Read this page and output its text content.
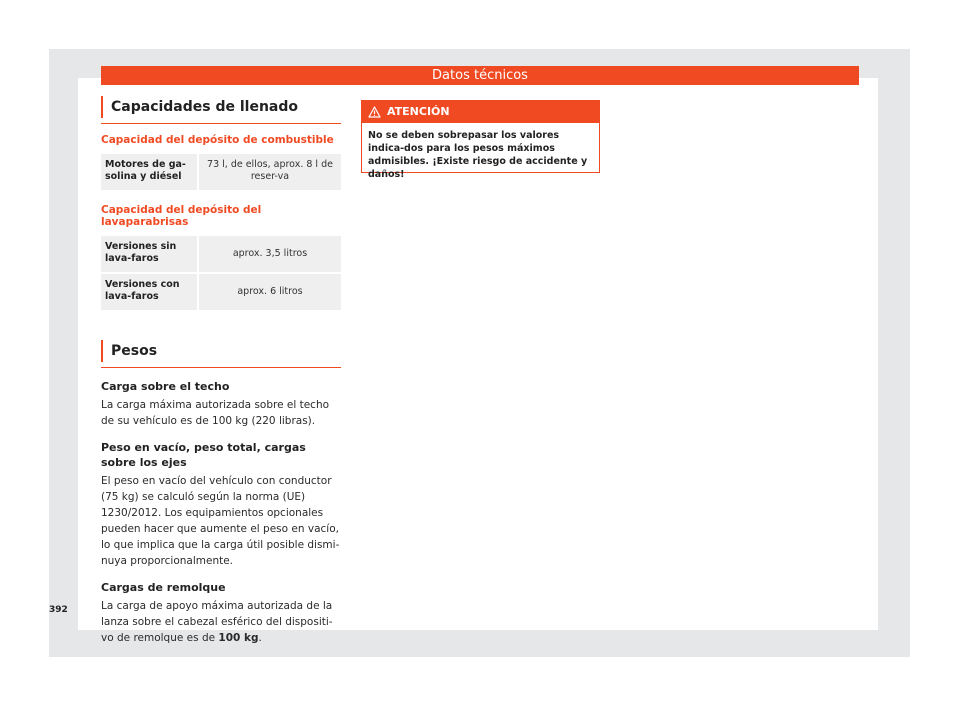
Datos técnicos
Capacidades de llenado
Capacidad del depósito de combustible
Motores de ga-solina y diésel	73 l, de ellos, aprox. 8 l de reser-va
Capacidad del depósito del lavaparabrisas
Versiones sin lava-faros	aprox. 3,5 litros
Versiones con lava-faros	aprox. 6 litros
Pesos
Carga sobre el techo
La carga máxima autorizada sobre el techo de su vehículo es de 100 kg (220 libras).
Peso en vacío, peso total, cargas sobre los ejes
El peso en vacío del vehículo con conductor (75 kg) se calculó según la norma (UE) 1230/2012. Los equipamientos opcionales pueden hacer que aumente el peso en vacío, lo que implica que la carga útil posible dismi-nuya proporcionalmente.
Cargas de remolque
La carga de apoyo máxima autorizada de la lanza sobre el cabezal esférico del dispositi-vo de remolque es de 100 kg.
392
ATENCIÓN
No se deben sobrepasar los valores indica-dos para los pesos máximos admisibles. ¡Existe riesgo de accidente y daños!
